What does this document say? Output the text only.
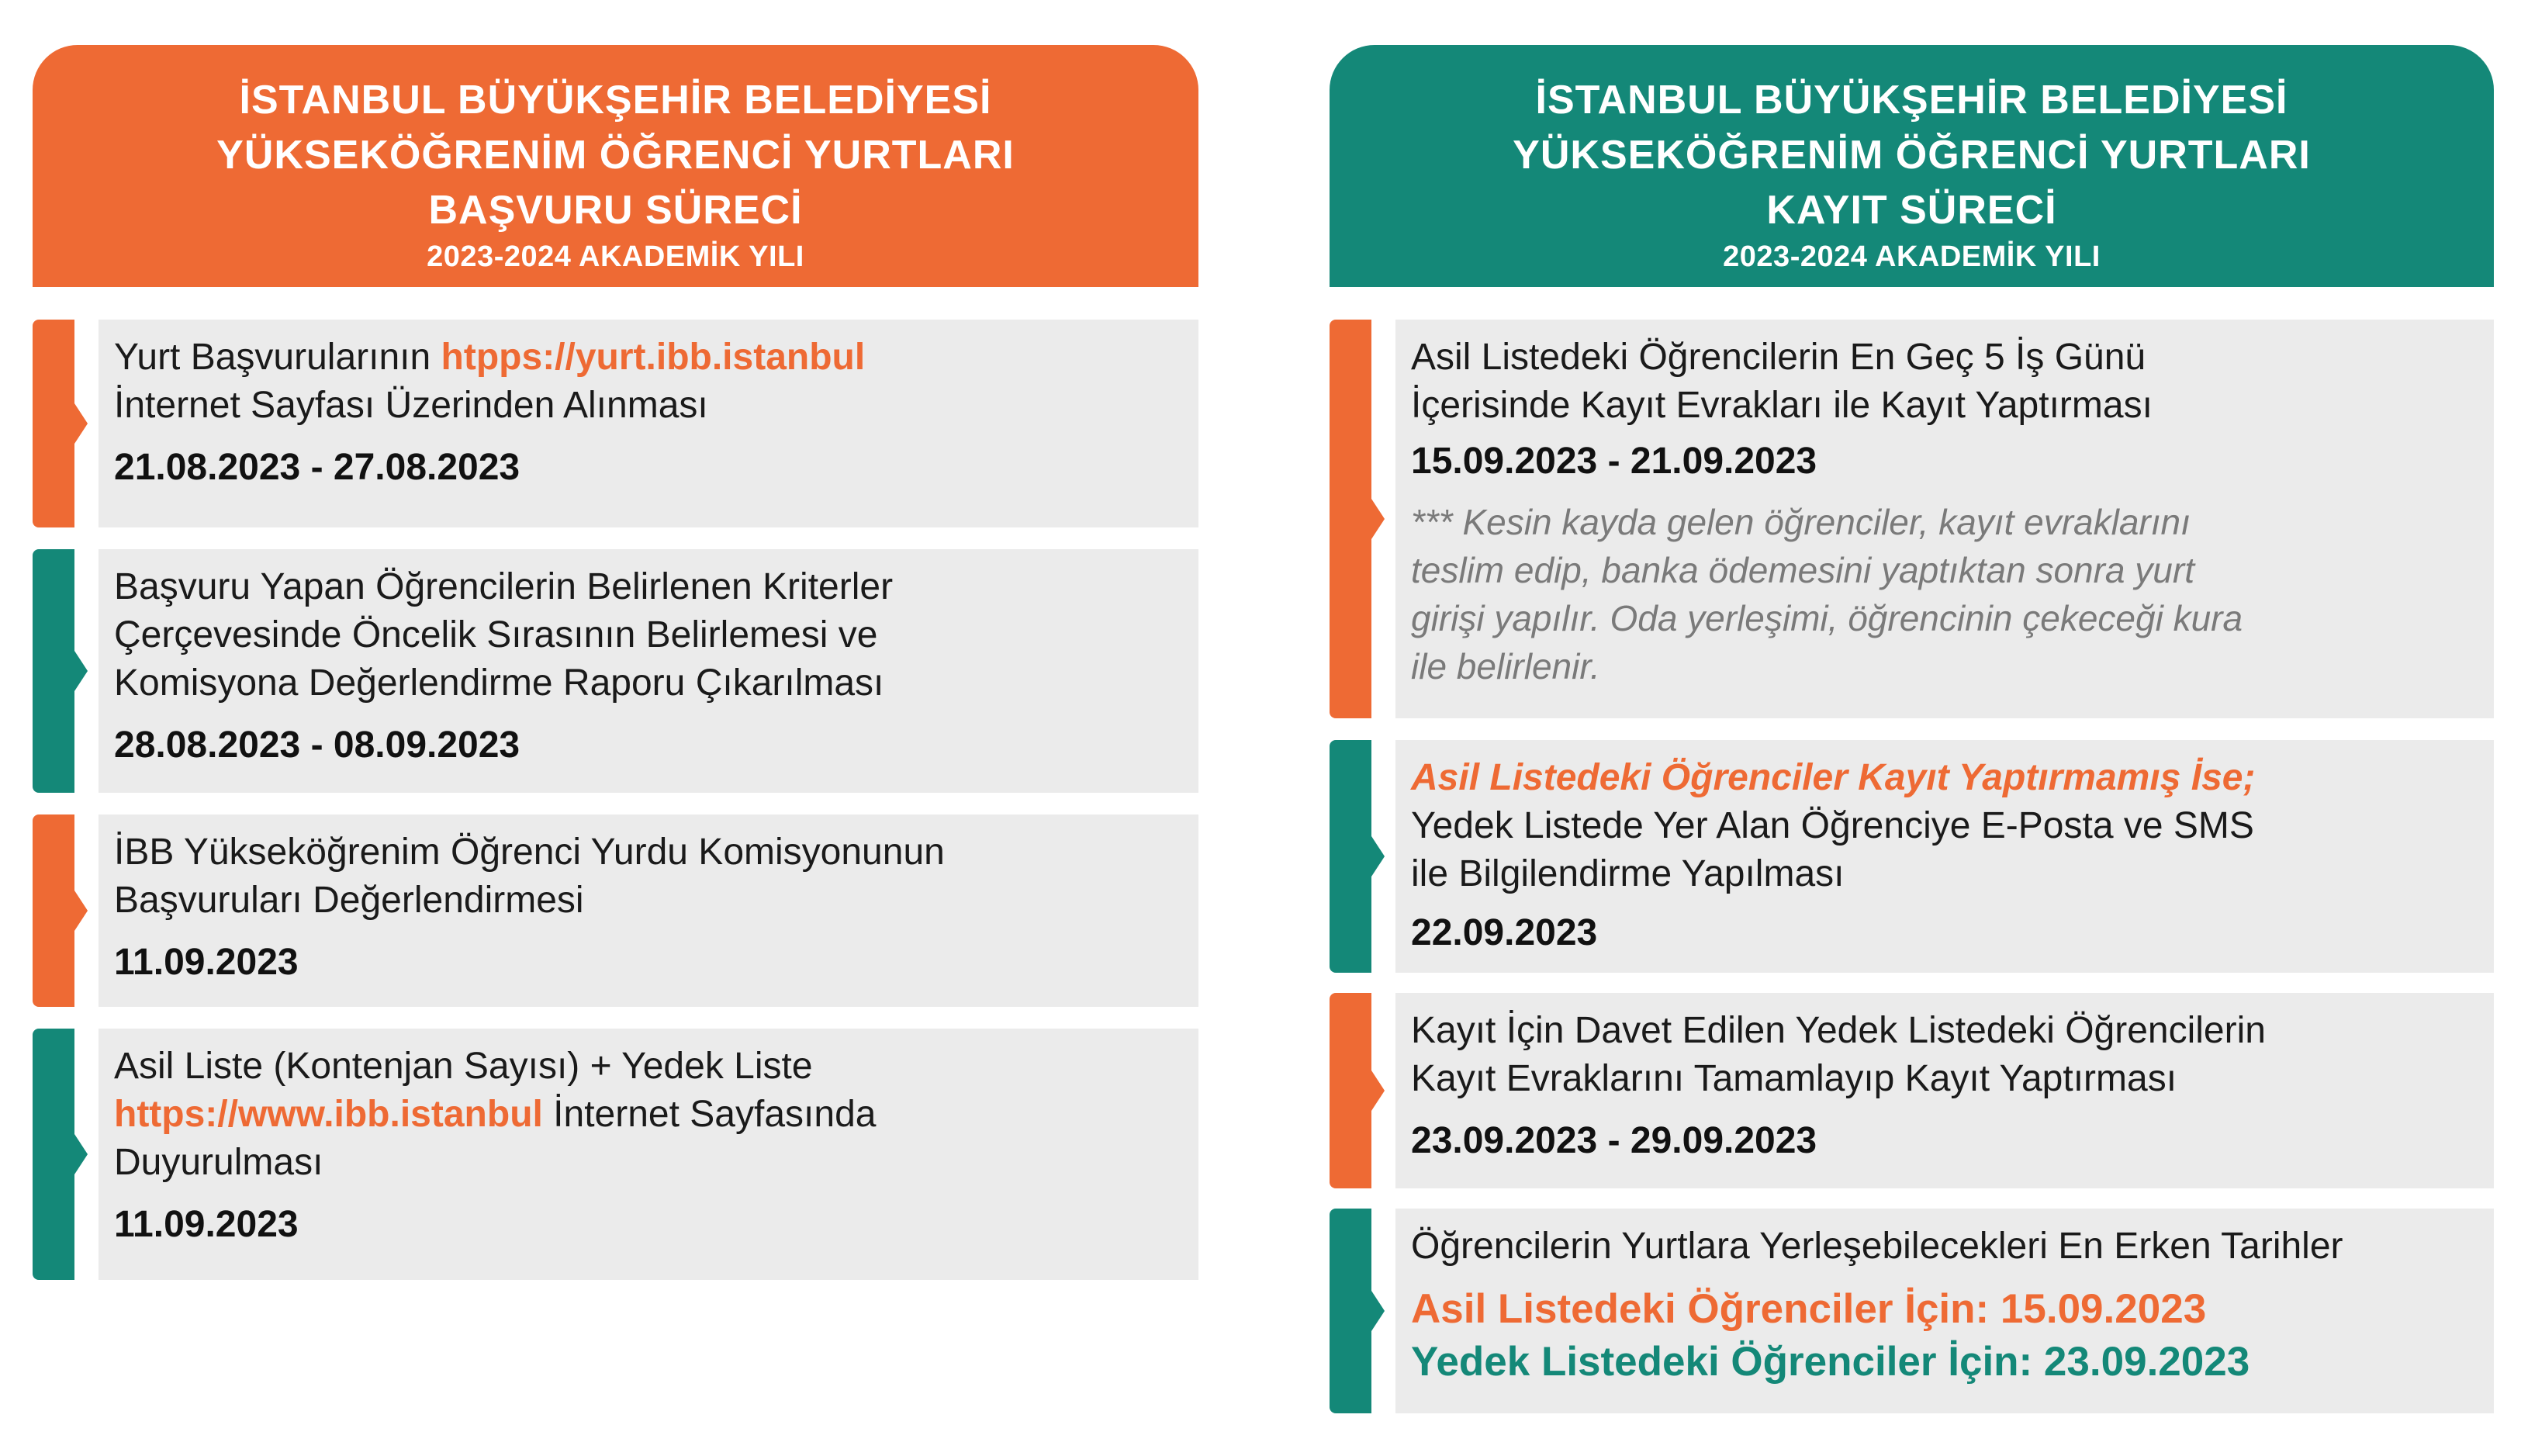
İSTANBUL BÜYÜKŞEHİR BELEDİYESİ
YÜKSEKÖĞRENİM ÖĞRENCİ YURTLARI
BAŞVURU SÜRECİ
2023-2024 AKADEMİK YILI
Yurt Başvurularının htpps://yurt.ibb.istanbul
İnternet Sayfası Üzerinden Alınması
21.08.2023 - 27.08.2023
Başvuru Yapan Öğrencilerin Belirlenen Kriterler
Çerçevesinde Öncelik Sırasının Belirlemesi ve
Komisyona Değerlendirme Raporu Çıkarılması
28.08.2023 - 08.09.2023
İBB Yükseköğrenim Öğrenci Yurdu Komisyonunun
Başvuruları Değerlendirmesi
11.09.2023
Asil Liste (Kontenjan Sayısı) + Yedek Liste
https://www.ibb.istanbul İnternet Sayfasında
Duyurulması
11.09.2023
İSTANBUL BÜYÜKŞEHİR BELEDİYESİ
YÜKSEKÖĞRENİM ÖĞRENCİ YURTLARI
KAYIT SÜRECİ
2023-2024 AKADEMİK YILI
Asil Listedeki Öğrencilerin En Geç 5 İş Günü
İçerisinde Kayıt Evrakları ile Kayıt Yaptırması
15.09.2023 - 21.09.2023
*** Kesin kayda gelen öğrenciler, kayıt evraklarını
teslim edip, banka ödemesini yaptıktan sonra yurt
girişi yapılır. Oda yerleşimi, öğrencinin çekeceği kura
ile belirlenir.
Asil Listedeki Öğrenciler Kayıt Yaptırmamış İse;
Yedek Listede Yer Alan Öğrenciye E-Posta ve SMS
ile Bilgilendirme Yapılması
22.09.2023
Kayıt İçin Davet Edilen Yedek Listedeki Öğrencilerin
Kayıt Evraklarını Tamamlayıp Kayıt Yaptırması
23.09.2023 - 29.09.2023
Öğrencilerin Yurtlara Yerleşebilecekleri En Erken Tarihler
Asil Listedeki Öğrenciler İçin: 15.09.2023
Yedek Listedeki Öğrenciler İçin: 23.09.2023
